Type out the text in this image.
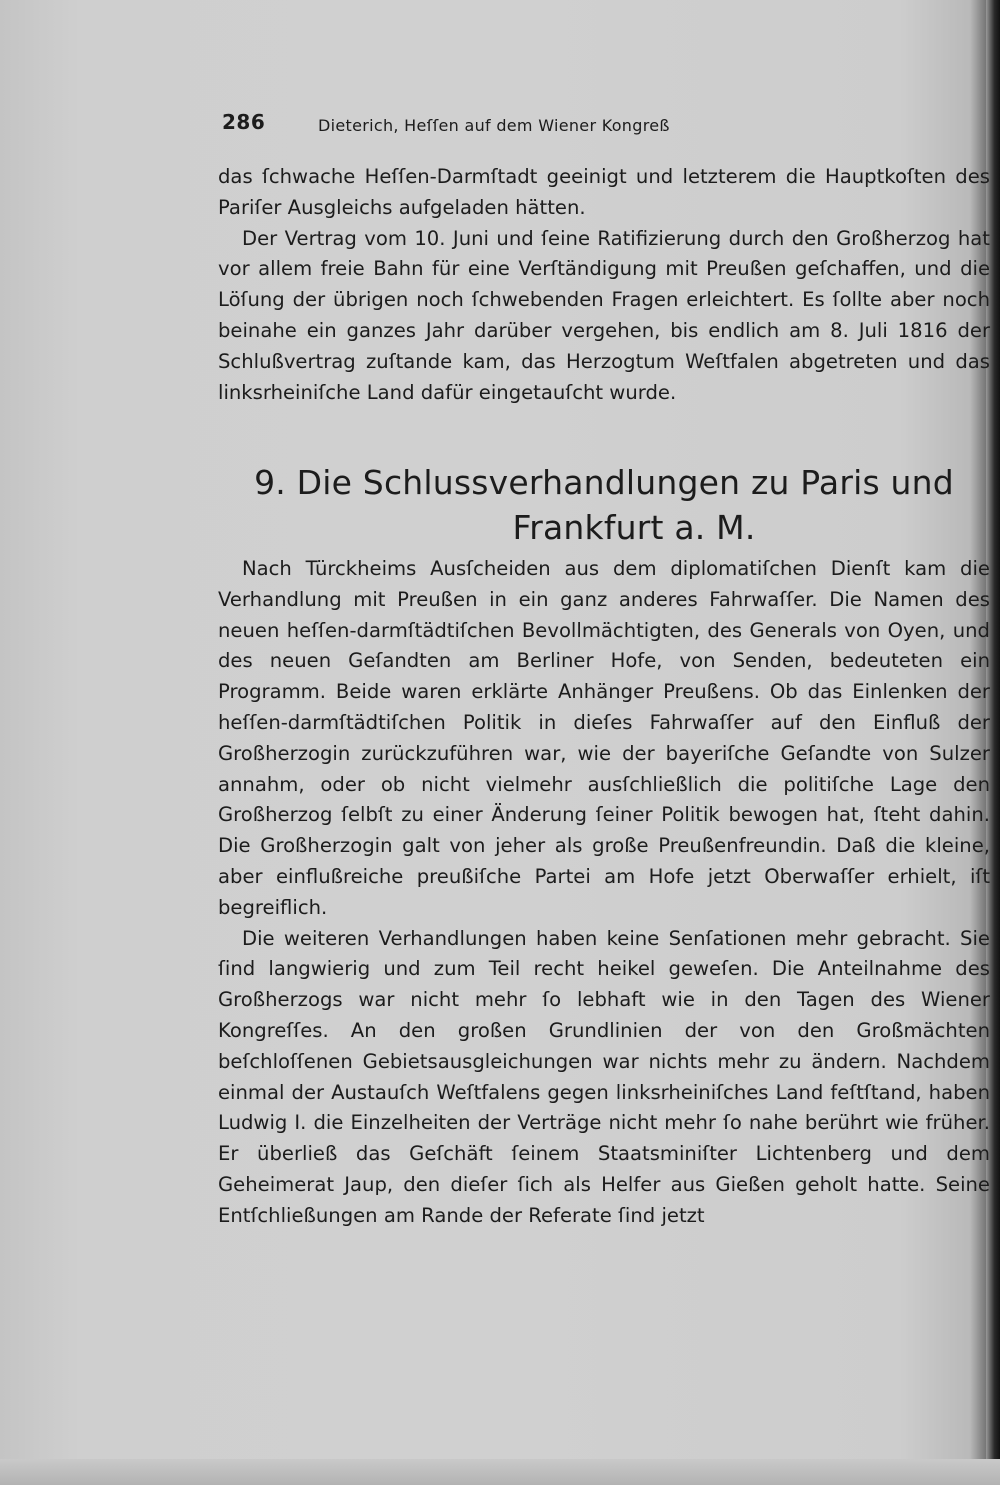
286	Dieterich, Heſſen auf dem Wiener Kongreß

das ſchwache Heſſen-Darmſtadt geeinigt und letzterem die Hauptkoſten des Pariſer Ausgleichs aufgeladen hätten.

Der Vertrag vom 10. Juni und ſeine Ratifizierung durch den Großherzog hat vor allem freie Bahn für eine Verſtändigung mit Preußen geſchaffen, und die Löſung der übrigen noch ſchwebenden Fragen erleichtert. Es ſollte aber noch beinahe ein ganzes Jahr darüber vergehen, bis endlich am 8. Juli 1816 der Schlußvertrag zuſtande kam, das Herzogtum Weſtfalen abgetreten und das linksrheiniſche Land dafür eingetauſcht wurde.

9. Die Schlussverhandlungen zu Paris und
Frankfurt a. M.

Nach Türckheims Ausſcheiden aus dem diplomatiſchen Dienſt kam die Verhandlung mit Preußen in ein ganz anderes Fahrwaſſer. Die Namen des neuen heſſen-darmſtädtiſchen Bevollmächtigten, des Generals von Oyen, und des neuen Geſandten am Berliner Hofe, von Senden, bedeuteten ein Programm. Beide waren erklärte Anhänger Preußens. Ob das Einlenken der heſſen-darmſtädtiſchen Politik in dieſes Fahrwaſſer auf den Einfluß der Großherzogin zurückzuführen war, wie der bayeriſche Geſandte von Sulzer annahm, oder ob nicht vielmehr ausſchließlich die politiſche Lage den Großherzog ſelbſt zu einer Änderung ſeiner Politik bewogen hat, ſteht dahin. Die Großherzogin galt von jeher als große Preußenfreundin. Daß die kleine, aber einflußreiche preußiſche Partei am Hofe jetzt Oberwaſſer erhielt, iſt begreiflich.

Die weiteren Verhandlungen haben keine Senſationen mehr gebracht. Sie ſind langwierig und zum Teil recht heikel geweſen. Die Anteilnahme des Großherzogs war nicht mehr ſo lebhaft wie in den Tagen des Wiener Kongreſſes. An den großen Grundlinien der von den Großmächten beſchloſſenen Gebietsausgleichungen war nichts mehr zu ändern. Nachdem einmal der Austauſch Weſtfalens gegen linksrheiniſches Land feſtſtand, haben Ludwig I. die Einzelheiten der Verträge nicht mehr ſo nahe berührt wie früher. Er überließ das Geſchäft ſeinem Staatsminiſter Lichtenberg und dem Geheimerat Jaup, den dieſer ſich als Helfer aus Gießen geholt hatte. Seine Entſchließungen am Rande der Referate ſind jetzt
